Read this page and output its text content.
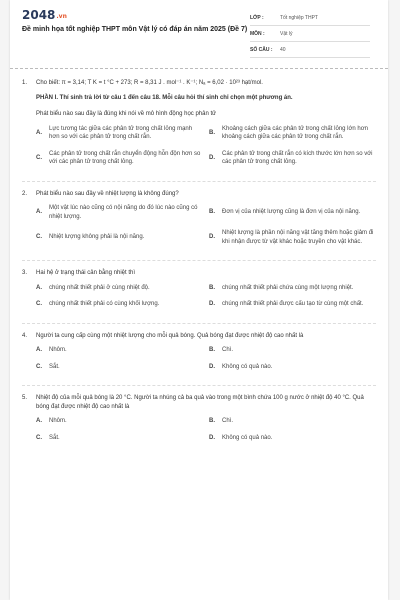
2048.vn
Đề minh họa tốt nghiệp THPT môn Vật lý có đáp án năm 2025 (Đề 7)
LỚP :	Tốt nghiệp THPT
MÔN :	Vật lý
SỐ CÂU :	40
1.	Cho biết: π = 3,14; T K = t °C + 273; R = 8,31 J . mol⁻¹ . K⁻¹; Nₐ = 6,02 · 10²³ hạt/mol.
PHẦN I. Thí sinh trả lời từ câu 1 đến câu 18. Mỗi câu hỏi thí sinh chỉ chọn một phương án.
Phát biểu nào sau đây là đúng khi nói về mô hình động học phân tử
A.
Lực tương tác giữa các phân tử trong chất lỏng mạnh hơn so với các phân tử trong chất rắn.
B.
Khoảng cách giữa các phân tử trong chất lỏng lớn hơn khoảng cách giữa các phân tử trong chất rắn.
C.
Các phân tử trong chất rắn chuyển động hỗn độn hơn so với các phân tử trong chất lỏng.
D.
Các phân tử trong chất rắn có kích thước lớn hơn so với các phân tử trong chất lỏng.
2.	Phát biểu nào sau đây về nhiệt lượng là không đúng?
A.
Một vật lúc nào cũng có nội năng do đó lúc nào cũng có nhiệt lượng.
B.	Đơn vị của nhiệt lượng cũng là đơn vị của nội năng.
C.	Nhiệt lượng không phải là nội năng.	D.
Nhiệt lượng là phần nội năng vật tăng thêm hoặc giảm đi khi nhận được từ vật khác hoặc truyền cho vật khác.
3.	Hai hệ ở trạng thái cân bằng nhiệt thì
A.	chúng nhất thiết phải ở cùng nhiệt độ.	B.	chúng nhất thiết phải chứa cùng một lượng nhiệt.
C.	chúng nhất thiết phải có cùng khối lượng.	D.	chúng nhất thiết phải được cấu tạo từ cùng một chất.
4.	Người ta cung cấp cùng một nhiệt lượng cho mỗi quả bóng. Quả bóng đạt được nhiệt độ cao nhất là
A.	Nhôm.	B.	Chì.
C.	Sắt.	D.	Không có quả nào.
5.	Nhiệt độ của mỗi quả bóng là 20 °C. Người ta nhúng cả ba quả vào trong một bình chứa 100 g nước ở nhiệt độ 40 °C. Quả bóng đạt được nhiệt độ cao nhất là
A.	Nhôm.	B.	Chì.
C.	Sắt.	D.	Không có quả nào.
